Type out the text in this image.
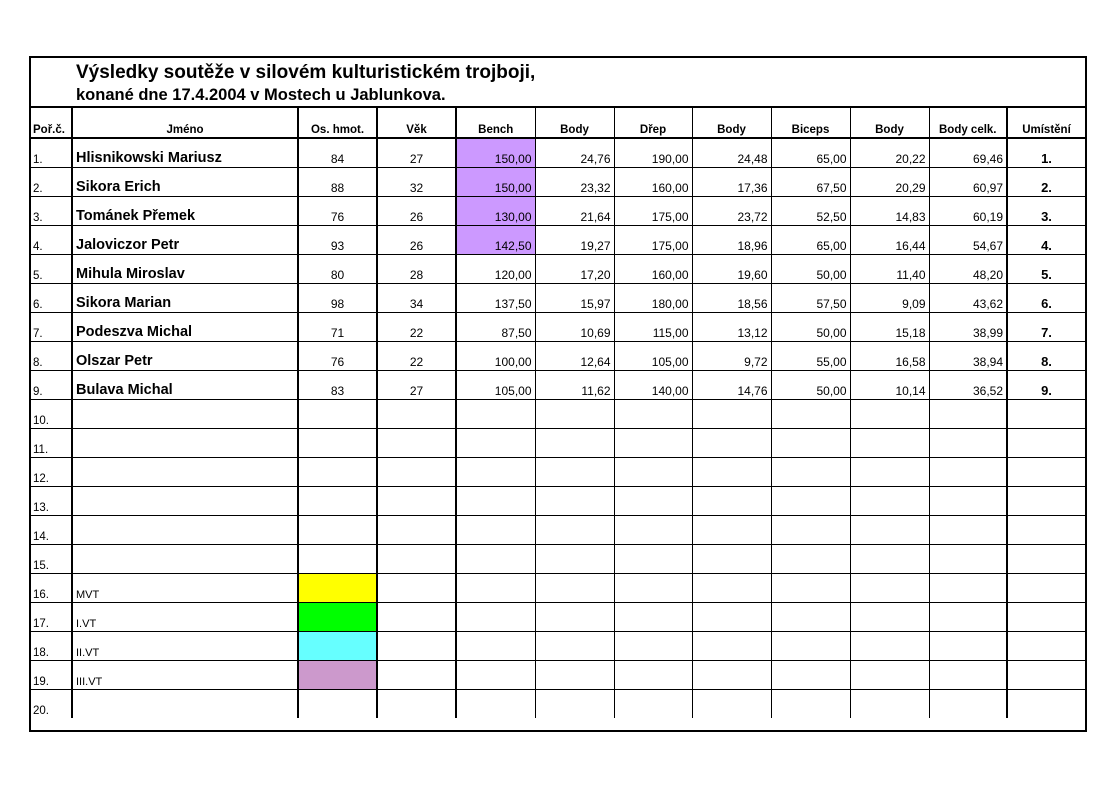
Výsledky soutěže v silovém kulturistickém trojboji,
konané dne 17.4.2004 v Mostech u Jablunkova.
Poř.č.	Jméno	Os. hmot.	Věk	Bench	Body	Dřep	Body	Biceps	Body	Body celk.	Umístění
1.	Hlisnikowski Mariusz	84	27	150,00	24,76	190,00	24,48	65,00	20,22	69,46	1.
2.	Sikora Erich	88	32	150,00	23,32	160,00	17,36	67,50	20,29	60,97	2.
3.	Tománek Přemek	76	26	130,00	21,64	175,00	23,72	52,50	14,83	60,19	3.
4.	Jaloviczor Petr	93	26	142,50	19,27	175,00	18,96	65,00	16,44	54,67	4.
5.	Mihula Miroslav	80	28	120,00	17,20	160,00	19,60	50,00	11,40	48,20	5.
6.	Sikora Marian	98	34	137,50	15,97	180,00	18,56	57,50	9,09	43,62	6.
7.	Podeszva Michal	71	22	87,50	10,69	115,00	13,12	50,00	15,18	38,99	7.
8.	Olszar Petr	76	22	100,00	12,64	105,00	9,72	55,00	16,58	38,94	8.
9.	Bulava Michal	83	27	105,00	11,62	140,00	14,76	50,00	10,14	36,52	9.
10.											
11.											
12.											
13.											
14.											
15.											
16.	MVT										
17.	I.VT										
18.	II.VT										
19.	III.VT										
20.											
